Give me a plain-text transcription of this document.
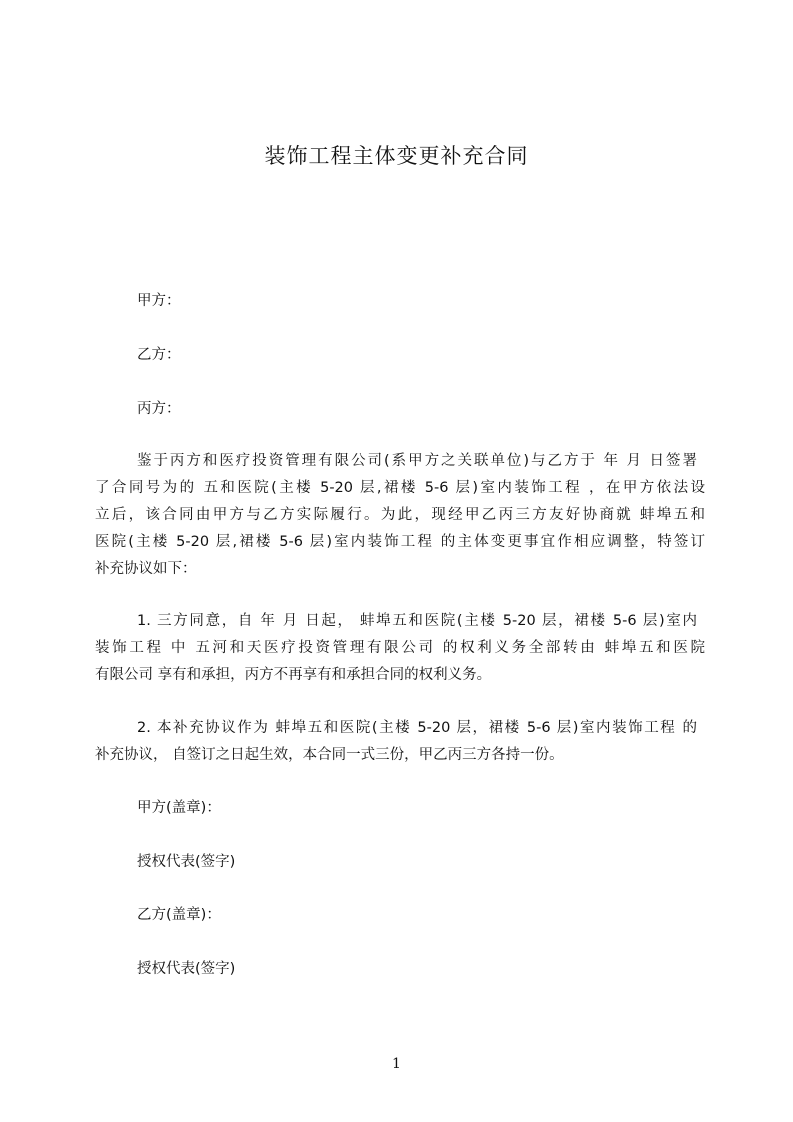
装饰工程主体变更补充合同
甲方：
乙方：
丙方：
鉴于丙方和医疗投资管理有限公司(系甲方之关联单位)与乙方于 年 月 日签署
了合同号为的 五和医院(主楼 5-20 层,裙楼 5-6 层)室内装饰工程 ，在甲方依法设
立后，该合同由甲方与乙方实际履行。为此，现经甲乙丙三方友好协商就 蚌埠五和
医院(主楼 5-20 层,裙楼 5-6 层)室内装饰工程 的主体变更事宜作相应调整，特签订
补充协议如下：
1. 三方同意，自 年 月 日起， 蚌埠五和医院(主楼 5-20 层，裙楼 5-6 层)室内
装饰工程 中 五河和天医疗投资管理有限公司 的权利义务全部转由 蚌埠五和医院
有限公司 享有和承担，丙方不再享有和承担合同的权利义务。
2. 本补充协议作为 蚌埠五和医院(主楼 5-20 层，裙楼 5-6 层)室内装饰工程 的
补充协议， 自签订之日起生效，本合同一式三份，甲乙丙三方各持一份。
甲方(盖章)：
授权代表(签字)
乙方(盖章)：
授权代表(签字)
1
